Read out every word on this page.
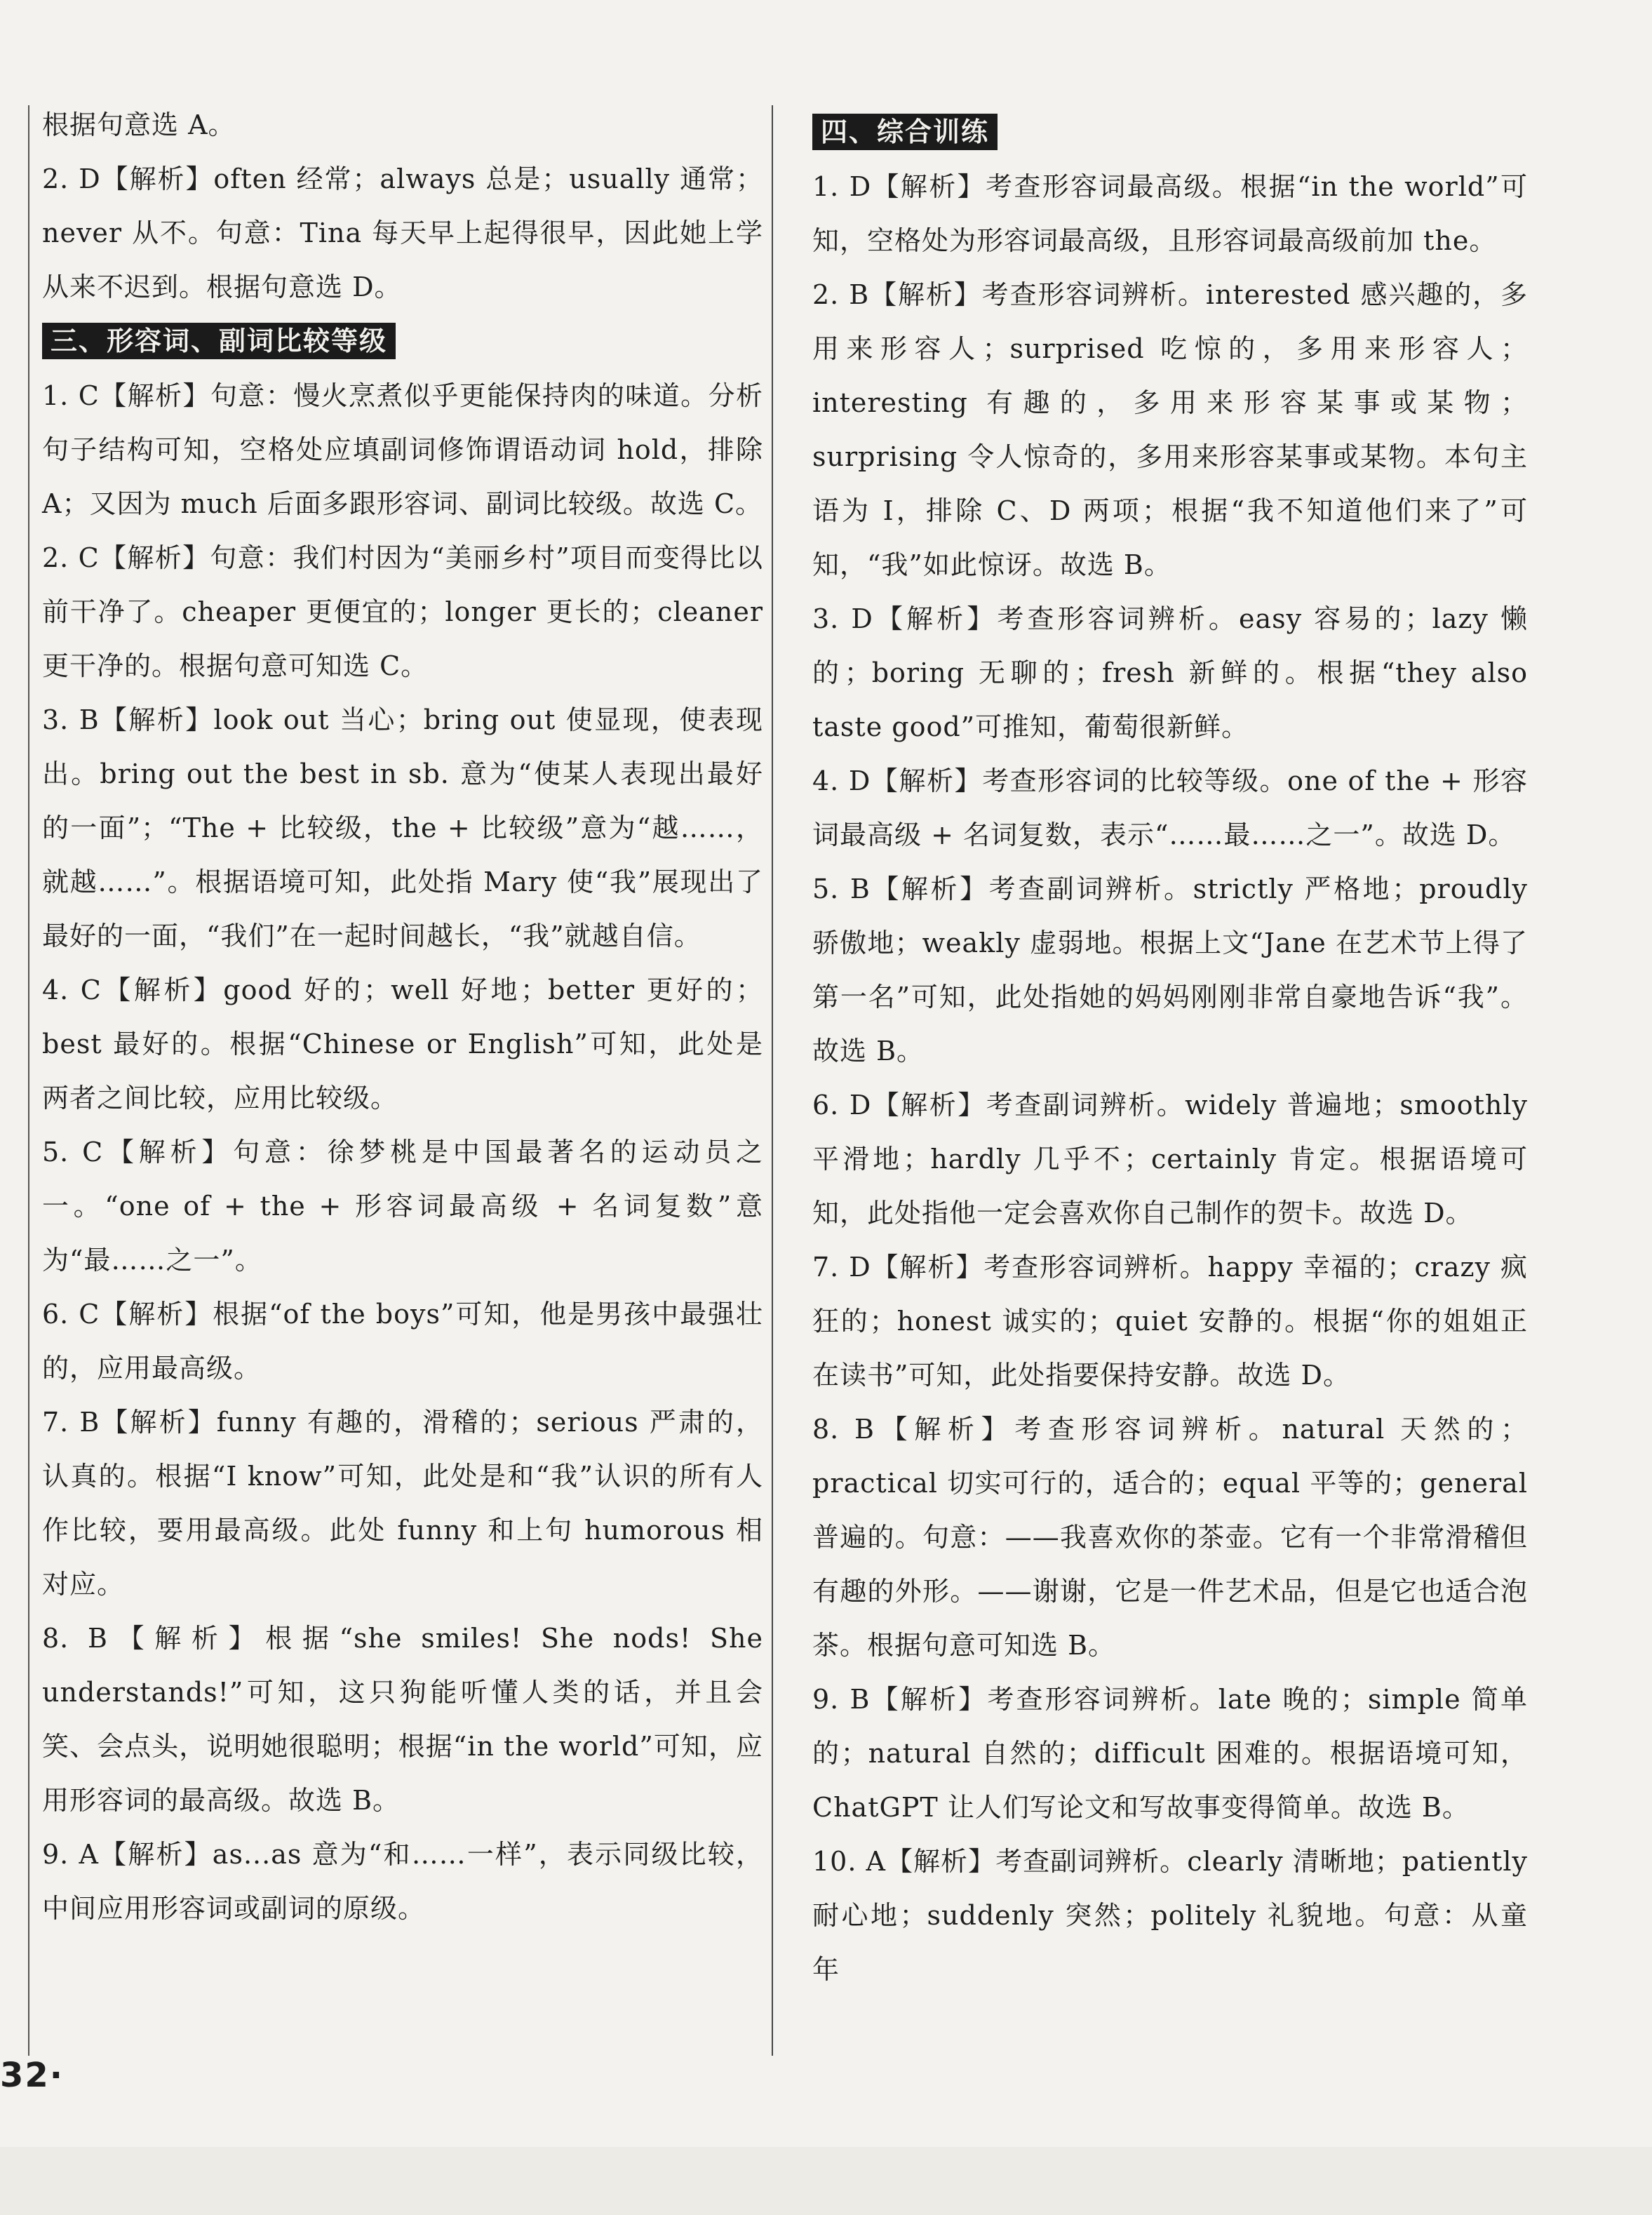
根据句意选 A。

2. D【解析】often 经常；always 总是；usually 通常；never 从不。句意：Tina 每天早上起得很早，因此她上学从来不迟到。根据句意选 D。

三、形容词、副词比较等级

1. C【解析】句意：慢火烹煮似乎更能保持肉的味道。分析句子结构可知，空格处应填副词修饰谓语动词 hold，排除 A；又因为 much 后面多跟形容词、副词比较级。故选 C。

2. C【解析】句意：我们村因为“美丽乡村”项目而变得比以前干净了。cheaper 更便宜的；longer 更长的；cleaner 更干净的。根据句意可知选 C。

3. B【解析】look out 当心；bring out 使显现，使表现出。bring out the best in sb. 意为“使某人表现出最好的一面”；“The + 比较级，the + 比较级”意为“越……，就越……”。根据语境可知，此处指 Mary 使“我”展现出了最好的一面，“我们”在一起时间越长，“我”就越自信。

4. C【解析】good 好的；well 好地；better 更好的；best 最好的。根据“Chinese or English”可知，此处是两者之间比较，应用比较级。

5. C【解析】句意：徐梦桃是中国最著名的运动员之一。“one of + the + 形容词最高级 + 名词复数”意为“最……之一”。

6. C【解析】根据“of the boys”可知，他是男孩中最强壮的，应用最高级。

7. B【解析】funny 有趣的，滑稽的；serious 严肃的，认真的。根据“I know”可知，此处是和“我”认识的所有人作比较，要用最高级。此处 funny 和上句 humorous 相对应。

8. B【解析】根据“she smiles! She nods! She understands!”可知，这只狗能听懂人类的话，并且会笑、会点头，说明她很聪明；根据“in the world”可知，应用形容词的最高级。故选 B。

9. A【解析】as...as 意为“和……一样”，表示同级比较，中间应用形容词或副词的原级。

四、综合训练

1. D【解析】考查形容词最高级。根据“in the world”可知，空格处为形容词最高级，且形容词最高级前加 the。

2. B【解析】考查形容词辨析。interested 感兴趣的，多用来形容人；surprised 吃惊的，多用来形容人；interesting 有趣的，多用来形容某事或某物；surprising 令人惊奇的，多用来形容某事或某物。本句主语为 I，排除 C、D 两项；根据“我不知道他们来了”可知，“我”如此惊讶。故选 B。

3. D【解析】考查形容词辨析。easy 容易的；lazy 懒的；boring 无聊的；fresh 新鲜的。根据“they also taste good”可推知，葡萄很新鲜。

4. D【解析】考查形容词的比较等级。one of the + 形容词最高级 + 名词复数，表示“……最……之一”。故选 D。

5. B【解析】考查副词辨析。strictly 严格地；proudly 骄傲地；weakly 虚弱地。根据上文“Jane 在艺术节上得了第一名”可知，此处指她的妈妈刚刚非常自豪地告诉“我”。故选 B。

6. D【解析】考查副词辨析。widely 普遍地；smoothly 平滑地；hardly 几乎不；certainly 肯定。根据语境可知，此处指他一定会喜欢你自己制作的贺卡。故选 D。

7. D【解析】考查形容词辨析。happy 幸福的；crazy 疯狂的；honest 诚实的；quiet 安静的。根据“你的姐姐正在读书”可知，此处指要保持安静。故选 D。

8. B【解析】考查形容词辨析。natural 天然的；practical 切实可行的，适合的；equal 平等的；general 普遍的。句意：——我喜欢你的茶壶。它有一个非常滑稽但有趣的外形。——谢谢，它是一件艺术品，但是它也适合泡茶。根据句意可知选 B。

9. B【解析】考查形容词辨析。late 晚的；simple 简单的；natural 自然的；difficult 困难的。根据语境可知，ChatGPT 让人们写论文和写故事变得简单。故选 B。

10. A【解析】考查副词辨析。clearly 清晰地；patiently 耐心地；suddenly 突然；politely 礼貌地。句意：从童年

32·
